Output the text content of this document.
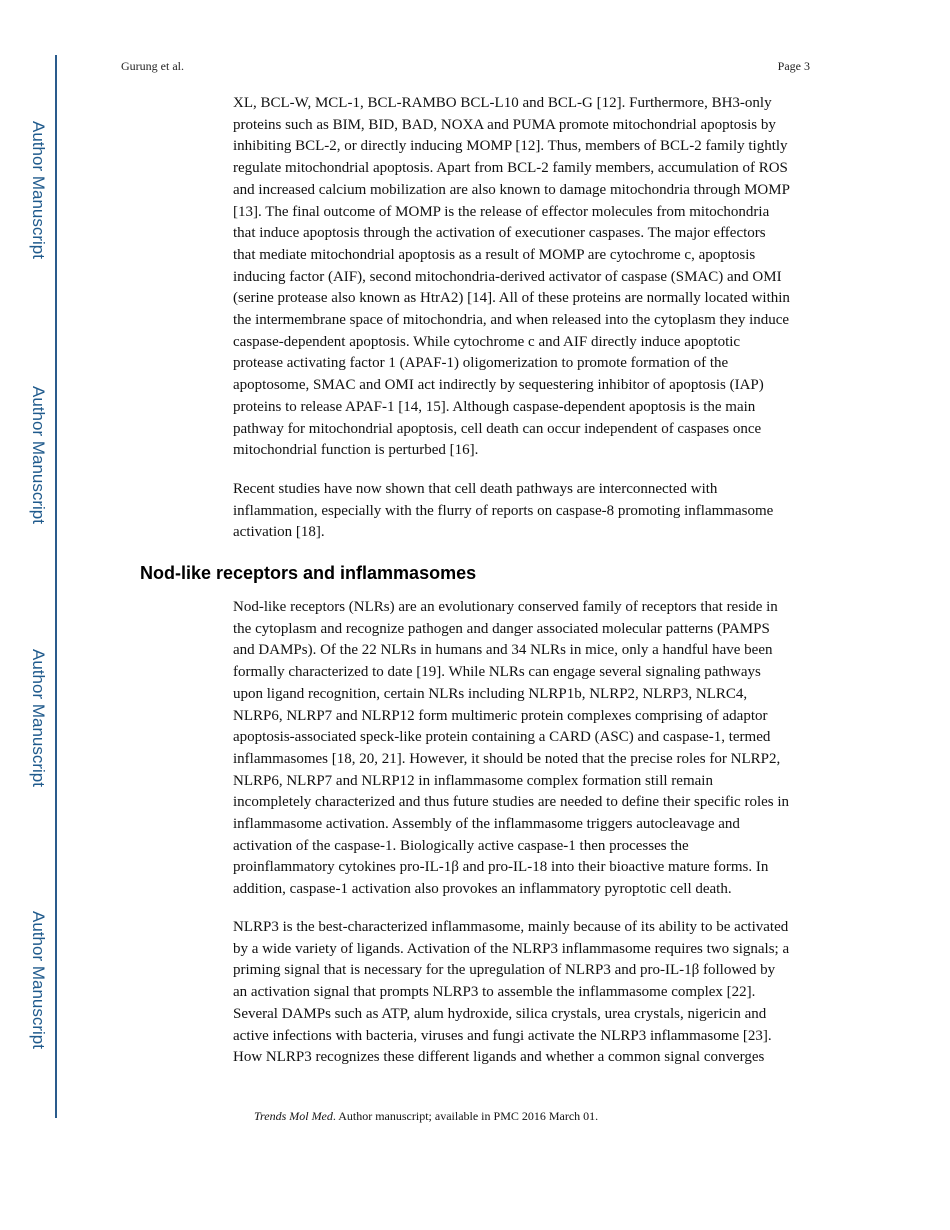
Author Manuscript
Author Manuscript
Author Manuscript
Author Manuscript
Gurung et al.	Page 3

XL, BCL-W, MCL-1, BCL-RAMBO BCL-L10 and BCL-G [12]. Furthermore, BH3-only
proteins such as BIM, BID, BAD, NOXA and PUMA promote mitochondrial apoptosis by
inhibiting BCL-2, or directly inducing MOMP [12]. Thus, members of BCL-2 family tightly
regulate mitochondrial apoptosis. Apart from BCL-2 family members, accumulation of ROS
and increased calcium mobilization are also known to damage mitochondria through MOMP
[13]. The final outcome of MOMP is the release of effector molecules from mitochondria
that induce apoptosis through the activation of executioner caspases. The major effectors
that mediate mitochondrial apoptosis as a result of MOMP are cytochrome c, apoptosis
inducing factor (AIF), second mitochondria-derived activator of caspase (SMAC) and OMI
(serine protease also known as HtrA2) [14]. All of these proteins are normally located within
the intermembrane space of mitochondria, and when released into the cytoplasm they induce
caspase-dependent apoptosis. While cytochrome c and AIF directly induce apoptotic
protease activating factor 1 (APAF-1) oligomerization to promote formation of the
apoptosome, SMAC and OMI act indirectly by sequestering inhibitor of apoptosis (IAP)
proteins to release APAF-1 [14, 15]. Although caspase-dependent apoptosis is the main
pathway for mitochondrial apoptosis, cell death can occur independent of caspases once
mitochondrial function is perturbed [16].

Recent studies have now shown that cell death pathways are interconnected with
inflammation, especially with the flurry of reports on caspase-8 promoting inflammasome
activation [18].

Nod-like receptors and inflammasomes

Nod-like receptors (NLRs) are an evolutionary conserved family of receptors that reside in
the cytoplasm and recognize pathogen and danger associated molecular patterns (PAMPS
and DAMPs). Of the 22 NLRs in humans and 34 NLRs in mice, only a handful have been
formally characterized to date [19]. While NLRs can engage several signaling pathways
upon ligand recognition, certain NLRs including NLRP1b, NLRP2, NLRP3, NLRC4,
NLRP6, NLRP7 and NLRP12 form multimeric protein complexes comprising of adaptor
apoptosis-associated speck-like protein containing a CARD (ASC) and caspase-1, termed
inflammasomes [18, 20, 21]. However, it should be noted that the precise roles for NLRP2,
NLRP6, NLRP7 and NLRP12 in inflammasome complex formation still remain
incompletely characterized and thus future studies are needed to define their specific roles in
inflammasome activation. Assembly of the inflammasome triggers autocleavage and
activation of the caspase-1. Biologically active caspase-1 then processes the
proinflammatory cytokines pro-IL-1β and pro-IL-18 into their bioactive mature forms. In
addition, caspase-1 activation also provokes an inflammatory pyroptotic cell death.

NLRP3 is the best-characterized inflammasome, mainly because of its ability to be activated
by a wide variety of ligands. Activation of the NLRP3 inflammasome requires two signals; a
priming signal that is necessary for the upregulation of NLRP3 and pro-IL-1β followed by
an activation signal that prompts NLRP3 to assemble the inflammasome complex [22].
Several DAMPs such as ATP, alum hydroxide, silica crystals, urea crystals, nigericin and
active infections with bacteria, viruses and fungi activate the NLRP3 inflammasome [23].
How NLRP3 recognizes these different ligands and whether a common signal converges

Trends Mol Med. Author manuscript; available in PMC 2016 March 01.
